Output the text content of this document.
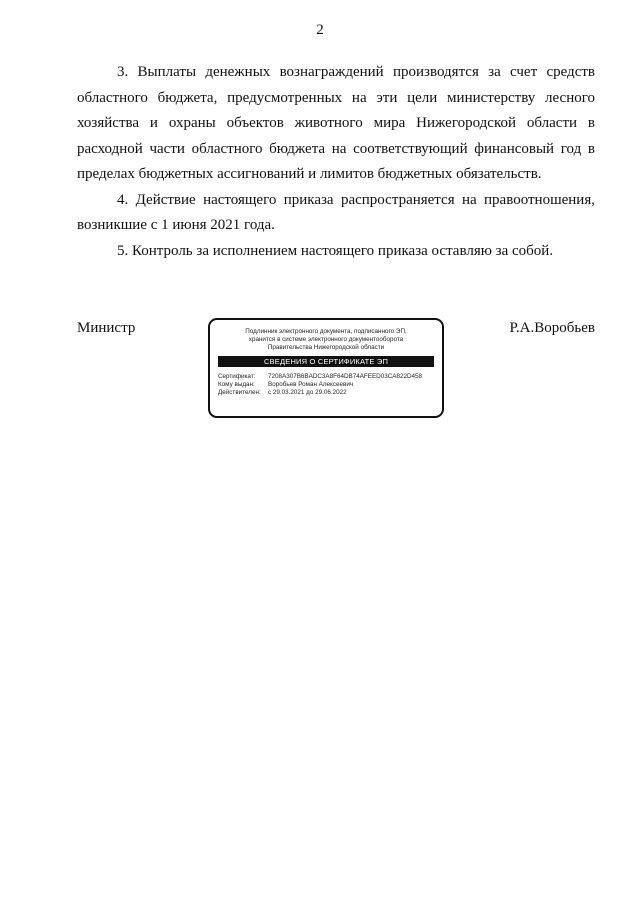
2

3. Выплаты денежных вознаграждений производятся за счет средств областного бюджета, предусмотренных на эти цели министерству лесного хозяйства и охраны объектов животного мира Нижегородской области в расходной части областного бюджета на соответствующий финансовый год в пределах бюджетных ассигнований и лимитов бюджетных обязательств.

4. Действие настоящего приказа распространяется на правоотношения, возникшие с 1 июня 2021 года.

5. Контроль за исполнением настоящего приказа оставляю за собой.

Министр	Подлинник электронного документа, подписанного ЭП,
хранится в системе электронного документооборота
Правительства Нижегородской области
СВЕДЕНИЯ О СЕРТИФИКАТЕ ЭП
Сертификат: 7208A307B6BADC3A8F64DB74AFEED03CA822D458
Кому выдан: Воробьев Роман Алексеевич
Действителен: с 29.03.2021 до 29.06.2022
Р.А.Воробьев
